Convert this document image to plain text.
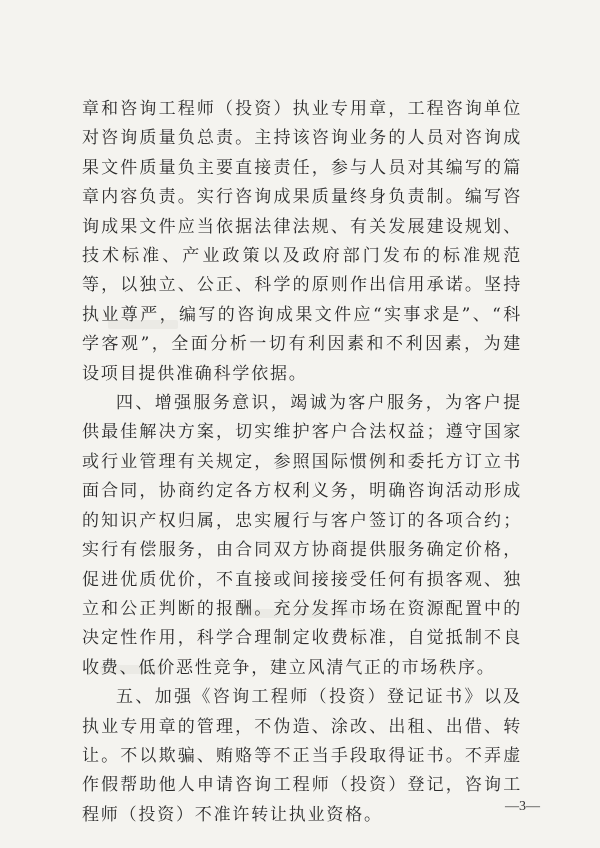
章和咨询工程师（投资）执业专用章，工程咨询单位对咨询质量负总责。主持该咨询业务的人员对咨询成果文件质量负主要直接责任，参与人员对其编写的篇章内容负责。实行咨询成果质量终身负责制。编写咨询成果文件应当依据法律法规、有关发展建设规划、技术标准、产业政策以及政府部门发布的标准规范等，以独立、公正、科学的原则作出信用承诺。坚持执业尊严，编写的咨询成果文件应“实事求是”、“科学客观”，全面分析一切有利因素和不利因素，为建设项目提供准确科学依据。

四、增强服务意识，竭诚为客户服务，为客户提供最佳解决方案，切实维护客户合法权益；遵守国家或行业管理有关规定，参照国际惯例和委托方订立书面合同，协商约定各方权利义务，明确咨询活动形成的知识产权归属，忠实履行与客户签订的各项合约；实行有偿服务，由合同双方协商提供服务确定价格，促进优质优价，不直接或间接接受任何有损客观、独立和公正判断的报酬。充分发挥市场在资源配置中的决定性作用，科学合理制定收费标准，自觉抵制不良收费、低价恶性竞争，建立风清气正的市场秩序。

五、加强《咨询工程师（投资）登记证书》以及执业专用章的管理，不伪造、涂改、出租、出借、转让。不以欺骗、贿赂等不正当手段取得证书。不弄虚作假帮助他人申请咨询工程师（投资）登记，咨询工程师（投资）不准许转让执业资格。	—3—
